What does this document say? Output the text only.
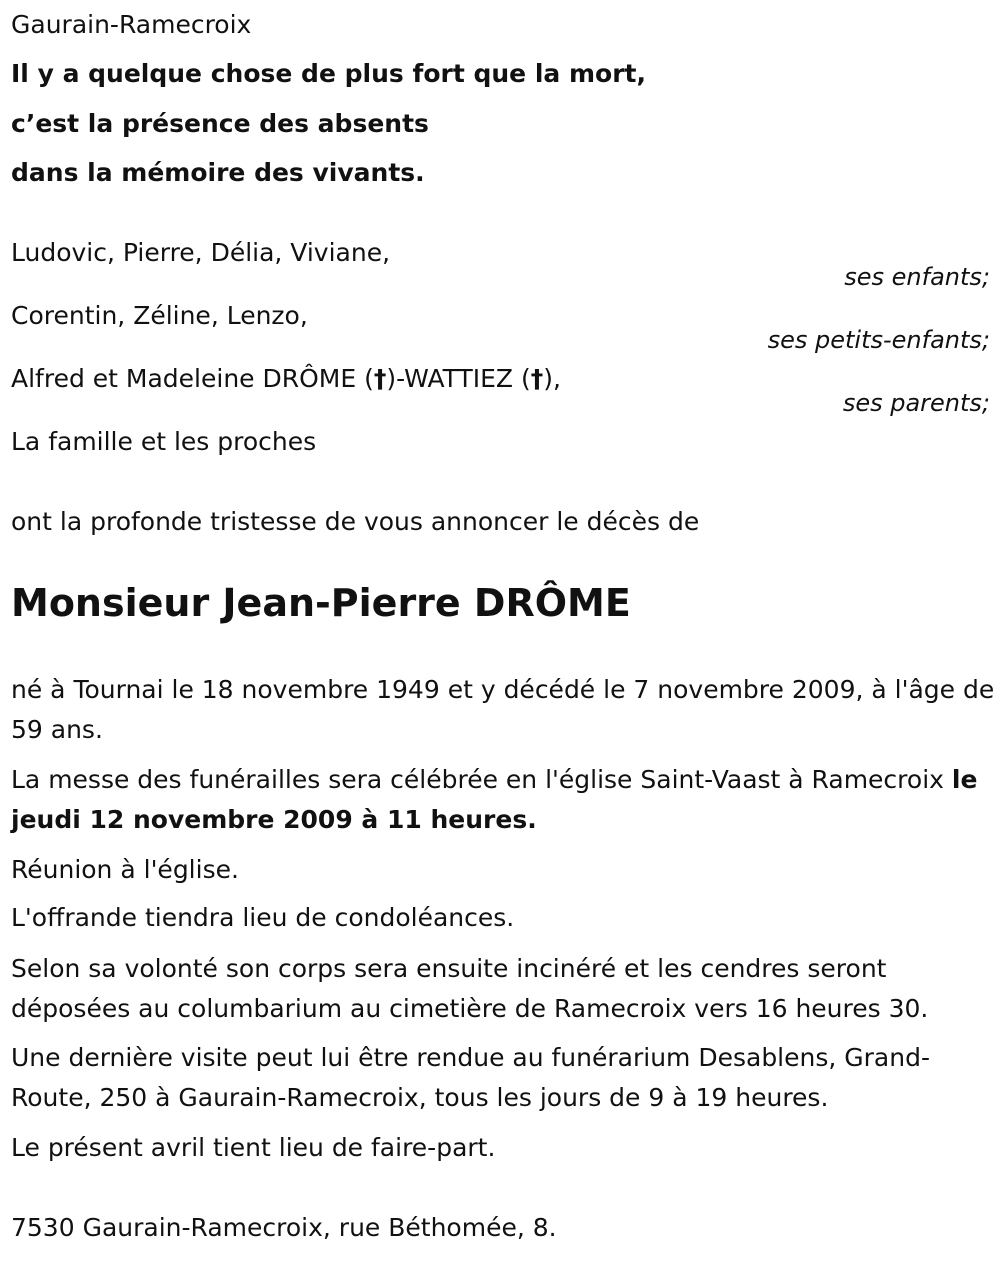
Gaurain-Ramecroix
Il y a quelque chose de plus fort que la mort,
c’est la présence des absents
dans la mémoire des vivants.
Ludovic, Pierre, Délia, Viviane,
ses enfants;
Corentin, Zéline, Lenzo,
ses petits-enfants;
Alfred et Madeleine DRÔME (†)-WATTIEZ (†),
ses parents;
La famille et les proches
ont la profonde tristesse de vous annoncer le décès de
Monsieur Jean-Pierre DRÔME
né à Tournai le 18 novembre 1949 et y décédé le 7 novembre 2009, à l'âge de 59 ans.
La messe des funérailles sera célébrée en l'église Saint-Vaast à Ramecroix le jeudi 12 novembre 2009 à 11 heures.
Réunion à l'église.
L'offrande tiendra lieu de condoléances.
Selon sa volonté son corps sera ensuite inciné​ré et les cendres seront déposées au columbarium au cimetière de Ramecroix vers 16 heures 30.
Une dernière visite peut lui être rendue au funérarium Desablens, Grand-Route, 250 à Gaurain-Ramecroix, tous les jours de 9 à 19 heures.
Le présent avril tient lieu de faire-part.
7530 Gaurain-Ramecroix, rue Béthomée, 8.
